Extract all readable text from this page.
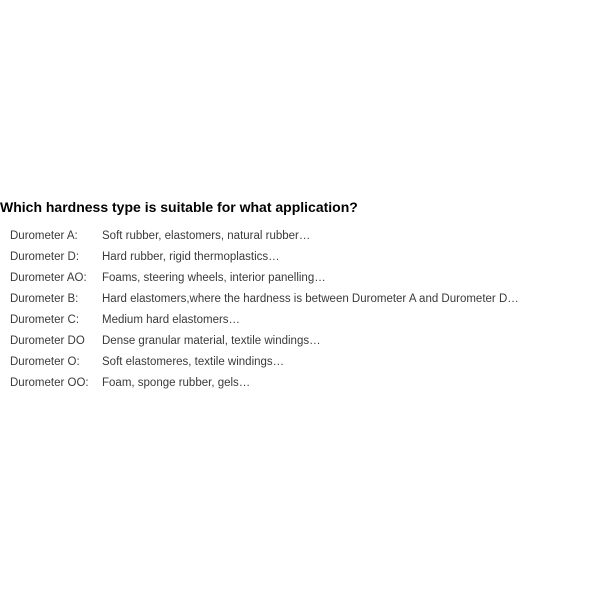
Which hardness type is suitable for what application?
Durometer A:	Soft rubber, elastomers, natural rubber…
Durometer D:	Hard rubber, rigid thermoplastics…
Durometer AO:	Foams, steering wheels, interior panelling…
Durometer B:	Hard elastomers,where the hardness is between Durometer A and Durometer D…
Durometer C:	Medium hard elastomers…
Durometer DO	Dense granular material, textile windings…
Durometer O:	Soft elastomeres, textile windings…
Durometer OO:	Foam, sponge rubber, gels…
